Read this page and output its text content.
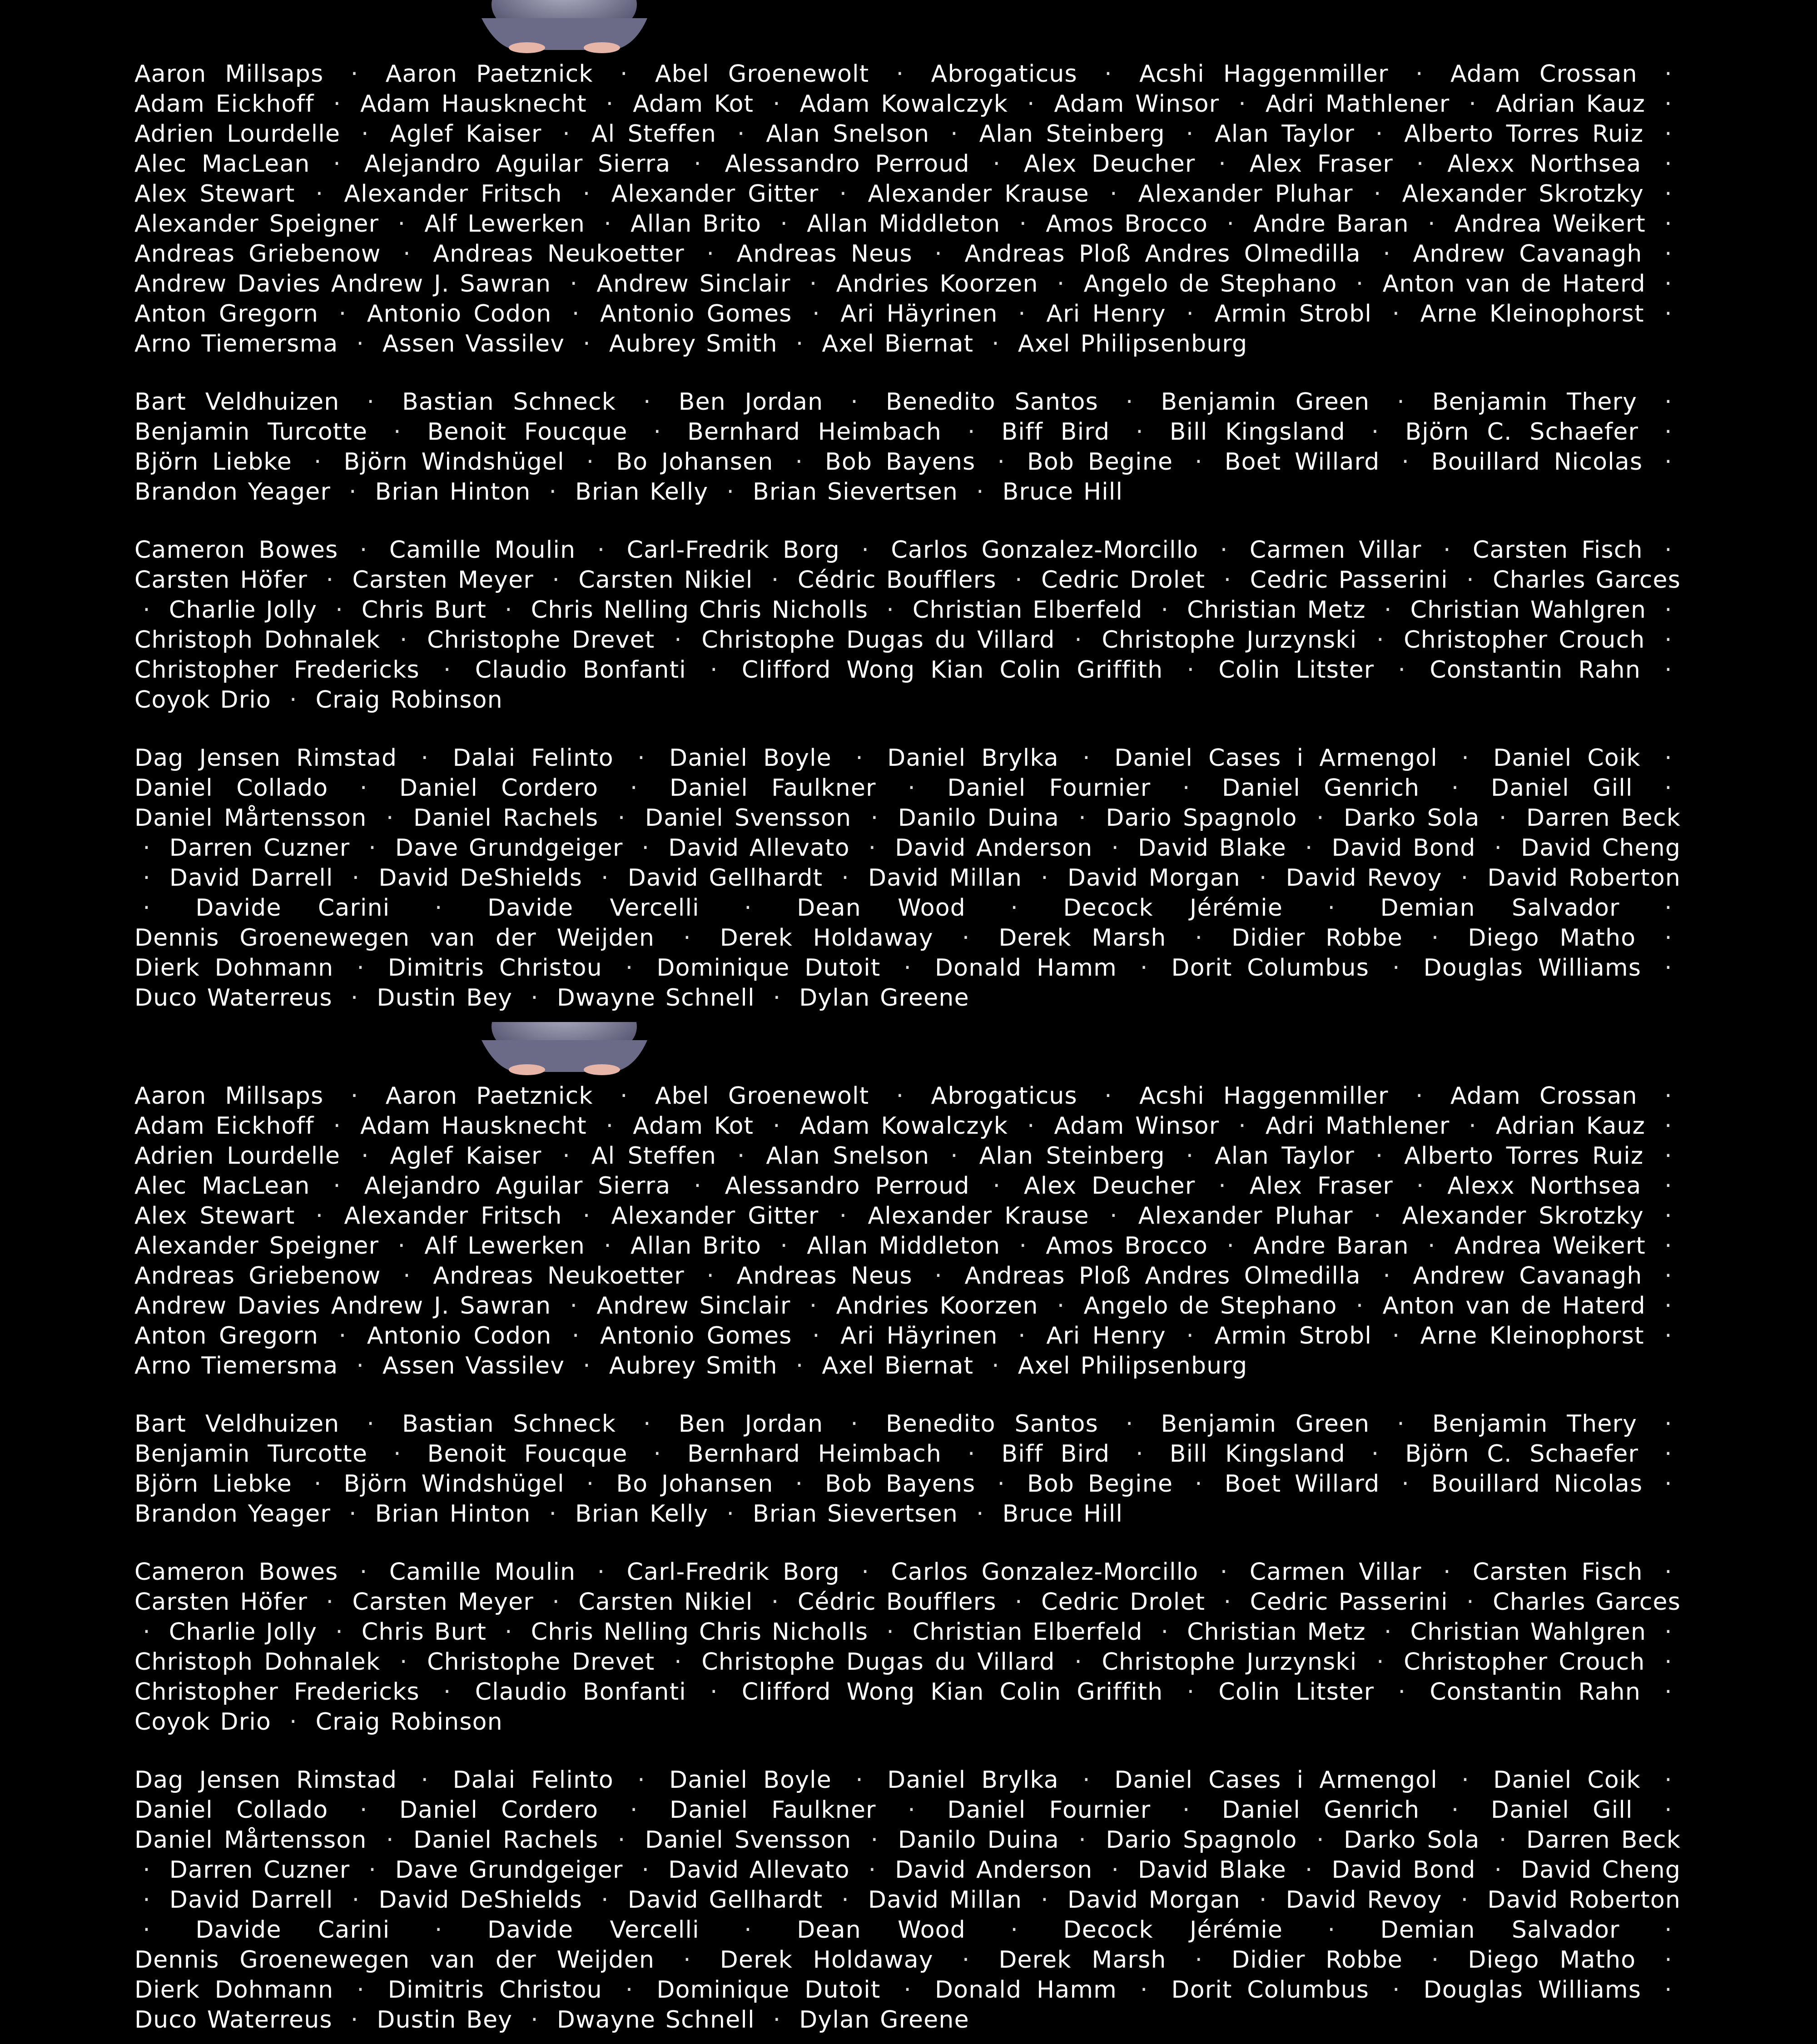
Aaron Millsaps · Aaron Paetznick · Abel Groenewolt · Abrogaticus · Acshi Haggenmiller · Adam Crossan · Adam Eickhoff · Adam Hausknecht · Adam Kot · Adam Kowalczyk · Adam Winsor · Adri Mathlener · Adrian Kauz · Adrien Lourdelle · Aglef Kaiser · Al Steffen · Alan Snelson · Alan Steinberg · Alan Taylor · Alberto Torres Ruiz · Alec MacLean · Alejandro Aguilar Sierra · Alessandro Perroud · Alex Deucher · Alex Fraser · Alexx Northsea · Alex Stewart · Alexander Fritsch · Alexander Gitter · Alexander Krause · Alexander Pluhar · Alexander Skrotzky · Alexander Speigner · Alf Lewerken · Allan Brito · Allan Middleton · Amos Brocco · Andre Baran · Andrea Weikert · Andreas Griebenow · Andreas Neukoetter · Andreas Neus · Andreas Ploß Andres Olmedilla · Andrew Cavanagh · Andrew Davies Andrew J. Sawran · Andrew Sinclair · Andries Koorzen · Angelo de Stephano · Anton van de Haterd · Anton Gregorn · Antonio Codon · Antonio Gomes · Ari Häyrinen · Ari Henry · Armin Strobl · Arne Kleinophorst · Arno Tiemersma · Assen Vassilev · Aubrey Smith · Axel Biernat · Axel Philipsenburg
Bart Veldhuizen · Bastian Schneck · Ben Jordan · Benedito Santos · Benjamin Green · Benjamin Thery · Benjamin Turcotte · Benoit Foucque · Bernhard Heimbach · Biff Bird · Bill Kingsland · Björn C. Schaefer · Björn Liebke · Björn Windshügel · Bo Johansen · Bob Bayens · Bob Begine · Boet Willard · Bouillard Nicolas · Brandon Yeager · Brian Hinton · Brian Kelly · Brian Sievertsen · Bruce Hill
Cameron Bowes · Camille Moulin · Carl-Fredrik Borg · Carlos Gonzalez-Morcillo · Carmen Villar · Carsten Fisch · Carsten Höfer · Carsten Meyer · Carsten Nikiel · Cédric Boufflers · Cedric Drolet · Cedric Passerini · Charles Garces · Charlie Jolly · Chris Burt · Chris Nelling Chris Nicholls · Christian Elberfeld · Christian Metz · Christian Wahlgren · Christoph Dohnalek · Christophe Drevet · Christophe Dugas du Villard · Christophe Jurzynski · Christopher Crouch · Christopher Fredericks · Claudio Bonfanti · Clifford Wong Kian Colin Griffith · Colin Litster · Constantin Rahn · Coyok Drio · Craig Robinson
Dag Jensen Rimstad · Dalai Felinto · Daniel Boyle · Daniel Brylka · Daniel Cases i Armengol · Daniel Coik · Daniel Collado · Daniel Cordero · Daniel Faulkner · Daniel Fournier · Daniel Genrich · Daniel Gill · Daniel Mårtensson · Daniel Rachels · Daniel Svensson · Danilo Duina · Dario Spagnolo · Darko Sola · Darren Beck · Darren Cuzner · Dave Grundgeiger · David Allevato · David Anderson · David Blake · David Bond · David Cheng · David Darrell · David DeShields · David Gellhardt · David Millan · David Morgan · David Revoy · David Roberton · Davide Carini · Davide Vercelli · Dean Wood · Decock Jérémie · Demian Salvador · Dennis Groenewegen van der Weijden · Derek Holdaway · Derek Marsh · Didier Robbe · Diego Matho · Dierk Dohmann · Dimitris Christou · Dominique Dutoit · Donald Hamm · Dorit Columbus · Douglas Williams · Duco Waterreus · Dustin Bey · Dwayne Schnell · Dylan Greene
Aaron Millsaps · Aaron Paetznick · Abel Groenewolt · Abrogaticus · Acshi Haggenmiller · Adam Crossan · Adam Eickhoff · Adam Hausknecht · Adam Kot · Adam Kowalczyk · Adam Winsor · Adri Mathlener · Adrian Kauz · Adrien Lourdelle · Aglef Kaiser · Al Steffen · Alan Snelson · Alan Steinberg · Alan Taylor · Alberto Torres Ruiz · Alec MacLean · Alejandro Aguilar Sierra · Alessandro Perroud · Alex Deucher · Alex Fraser · Alexx Northsea · Alex Stewart · Alexander Fritsch · Alexander Gitter · Alexander Krause · Alexander Pluhar · Alexander Skrotzky · Alexander Speigner · Alf Lewerken · Allan Brito · Allan Middleton · Amos Brocco · Andre Baran · Andrea Weikert · Andreas Griebenow · Andreas Neukoetter · Andreas Neus · Andreas Ploß Andres Olmedilla · Andrew Cavanagh · Andrew Davies Andrew J. Sawran · Andrew Sinclair · Andries Koorzen · Angelo de Stephano · Anton van de Haterd · Anton Gregorn · Antonio Codon · Antonio Gomes · Ari Häyrinen · Ari Henry · Armin Strobl · Arne Kleinophorst · Arno Tiemersma · Assen Vassilev · Aubrey Smith · Axel Biernat · Axel Philipsenburg
Bart Veldhuizen · Bastian Schneck · Ben Jordan · Benedito Santos · Benjamin Green · Benjamin Thery · Benjamin Turcotte · Benoit Foucque · Bernhard Heimbach · Biff Bird · Bill Kingsland · Björn C. Schaefer · Björn Liebke · Björn Windshügel · Bo Johansen · Bob Bayens · Bob Begine · Boet Willard · Bouillard Nicolas · Brandon Yeager · Brian Hinton · Brian Kelly · Brian Sievertsen · Bruce Hill
Cameron Bowes · Camille Moulin · Carl-Fredrik Borg · Carlos Gonzalez-Morcillo · Carmen Villar · Carsten Fisch · Carsten Höfer · Carsten Meyer · Carsten Nikiel · Cédric Boufflers · Cedric Drolet · Cedric Passerini · Charles Garces · Charlie Jolly · Chris Burt · Chris Nelling Chris Nicholls · Christian Elberfeld · Christian Metz · Christian Wahlgren · Christoph Dohnalek · Christophe Drevet · Christophe Dugas du Villard · Christophe Jurzynski · Christopher Crouch · Christopher Fredericks · Claudio Bonfanti · Clifford Wong Kian Colin Griffith · Colin Litster · Constantin Rahn · Coyok Drio · Craig Robinson
Dag Jensen Rimstad · Dalai Felinto · Daniel Boyle · Daniel Brylka · Daniel Cases i Armengol · Daniel Coik · Daniel Collado · Daniel Cordero · Daniel Faulkner · Daniel Fournier · Daniel Genrich · Daniel Gill · Daniel Mårtensson · Daniel Rachels · Daniel Svensson · Danilo Duina · Dario Spagnolo · Darko Sola · Darren Beck · Darren Cuzner · Dave Grundgeiger · David Allevato · David Anderson · David Blake · David Bond · David Cheng · David Darrell · David DeShields · David Gellhardt · David Millan · David Morgan · David Revoy · David Roberton · Davide Carini · Davide Vercelli · Dean Wood · Decock Jérémie · Demian Salvador · Dennis Groenewegen van der Weijden · Derek Holdaway · Derek Marsh · Didier Robbe · Diego Matho · Dierk Dohmann · Dimitris Christou · Dominique Dutoit · Donald Hamm · Dorit Columbus · Douglas Williams · Duco Waterreus · Dustin Bey · Dwayne Schnell · Dylan Greene
